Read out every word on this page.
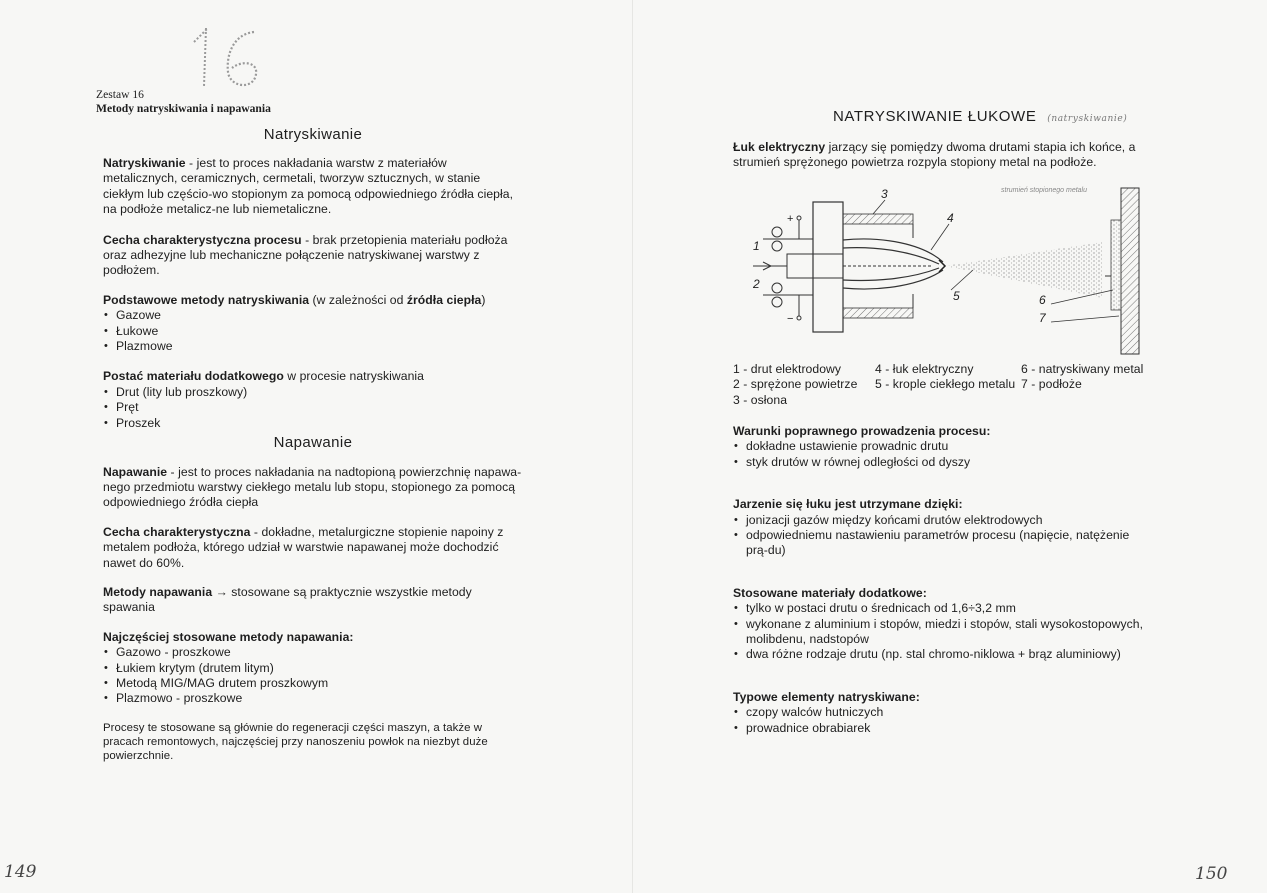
16
Zestaw 16
Metody natryskiwania i napawania
Natryskiwanie
Natryskiwanie - jest to proces nakładania warstw z materiałów metalicznych, ceramicznych, cermetali, tworzyw sztucznych, w stanie ciekłym lub częścio-wo stopionym za pomocą odpowiedniego źródła ciepła, na podłoże metalicz-ne lub niemetaliczne.
Cecha charakterystyczna procesu - brak przetopienia materiału podłoża oraz adhezyjne lub mechaniczne połączenie natryskiwanej warstwy z podłożem.
Podstawowe metody natryskiwania (w zależności od źródła ciepła)
• Gazowe
• Łukowe
• Plazmowe
Postać materiału dodatkowego w procesie natryskiwania
• Drut (lity lub proszkowy)
• Pręt
• Proszek
Napawanie
Napawanie - jest to proces nakładania na nadtopioną powierzchnię napawa-nego przedmiotu warstwy ciekłego metalu lub stopu, stopionego za pomocą odpowiedniego źródła ciepła
Cecha charakterystyczna - dokładne, metalurgiczne stopienie napoiny z metalem podłoża, którego udział w warstwie napawanej może dochodzić nawet do 60%.
Metody napawania → stosowane są praktycznie wszystkie metody spawania
Najczęściej stosowane metody napawania:
• Gazowo - proszkowe
• Łukiem krytym (drutem litym)
• Metodą MIG/MAG drutem proszkowym
• Plazmowo - proszkowe
Procesy te stosowane są głównie do regeneracji części maszyn, a także w pracach remontowych, najczęściej przy nanoszeniu powłok na niezbyt duże powierzchnie.
149
NATRYSKIWANIE ŁUKOWE (natryskiwanie)
Łuk elektryczny jarzący się pomiędzy dwoma drutami stapia ich końce, a strumień sprężonego powietrza rozpyla stopiony metal na podłoże.
+
−
1
2
3
4
5	6
7
strumień stopionego metalu
1 - drut elektrodowy	4 - łuk elektryczny	6 - natryskiwany metal
2 - sprężone powietrze	5 - krople ciekłego metalu 7 - podłoże
3 - osłona
Warunki poprawnego prowadzenia procesu:
• dokładne ustawienie prowadnic drutu
• styk drutów w równej odległości od dyszy
Jarzenie się łuku jest utrzymane dzięki:
• jonizacji gazów między końcami drutów elektrodowych
• odpowiedniemu nastawieniu parametrów procesu (napięcie, natężenie prą-du)
Stosowane materiały dodatkowe:
• tylko w postaci drutu o średnicach od 1,6÷3,2 mm
• wykonane z aluminium i stopów, miedzi i stopów, stali wysokostopowych, molibdenu, nadstopów
• dwa różne rodzaje drutu (np. stal chromo-niklowa + brąz aluminiowy)
Typowe elementy natryskiwane:
• czopy walców hutniczych
• prowadnice obrabiarek
150
